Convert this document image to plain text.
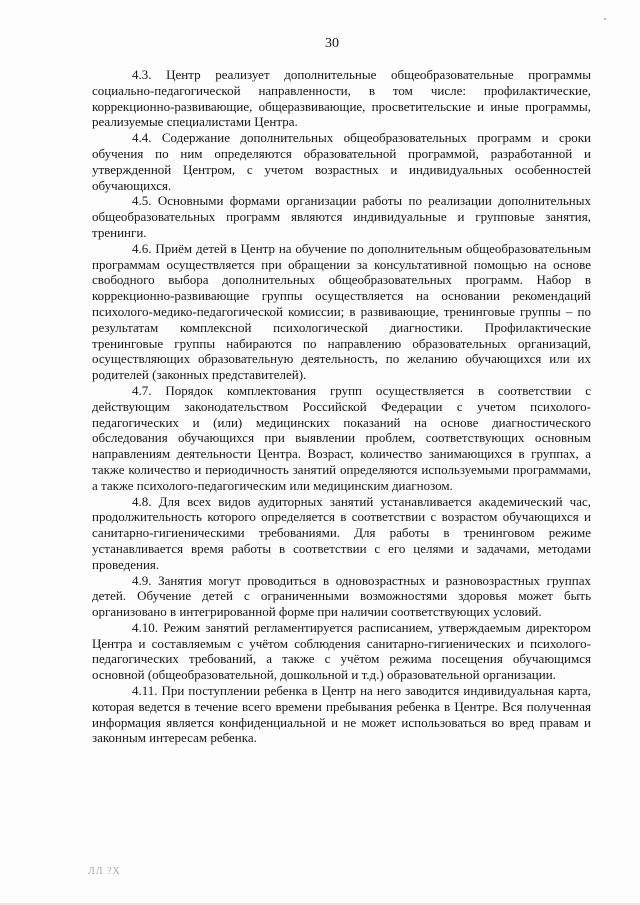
30

4.3. Центр реализует дополнительные общеобразовательные программы социально-педагогической направленности, в том числе: профилактические, коррекционно-развивающие, общеразвивающие, просветительские и иные программы, реализуемые специалистами Центра.

4.4. Содержание дополнительных общеобразовательных программ и сроки обучения по ним определяются образовательной программой, разработанной и утвержденной Центром, с учетом возрастных и индивидуальных особенностей обучающихся.

4.5. Основными формами организации работы по реализации дополнительных общеобразовательных программ являются индивидуальные и групповые занятия, тренинги.

4.6. Приём детей в Центр на обучение по дополнительным общеобразовательным программам осуществляется при обращении за консультативной помощью на основе свободного выбора дополнительных общеобразовательных программ. Набор в коррекционно-развивающие группы осуществляется на основании рекомендаций психолого-медико-педагогической комиссии; в развивающие, тренинговые группы – по результатам комплексной психологической диагностики. Профилактические тренинговые группы набираются по направлению образовательных организаций, осуществляющих образовательную деятельность, по желанию обучающихся или их родителей (законных представителей).

4.7. Порядок комплектования групп осуществляется в соответствии с действующим законодательством Российской Федерации с учетом психолого-педагогических и (или) медицинских показаний на основе диагностического обследования обучающихся при выявлении проблем, соответствующих основным направлениям деятельности Центра. Возраст, количество занимающихся в группах, а также количество и периодичность занятий определяются используемыми программами, а также психолого-педагогическим или медицинским диагнозом.

4.8. Для всех видов аудиторных занятий устанавливается академический час, продолжительность которого определяется в соответствии с возрастом обучающихся и санитарно-гигиеническими требованиями. Для работы в тренинговом режиме устанавливается время работы в соответствии с его целями и задачами, методами проведения.

4.9. Занятия могут проводиться в одновозрастных и разновозрастных группах детей. Обучение детей с ограниченными возможностями здоровья может быть организовано в интегрированной форме при наличии соответствующих условий.

4.10. Режим занятий регламентируется расписанием, утверждаемым директором Центра и составляемым с учётом соблюдения санитарно-гигиенических и психолого-педагогических требований, а также с учётом режима посещения обучающимся основной (общеобразовательной, дошкольной и т.д.) образовательной организации.

4.11. При поступлении ребенка в Центр на него заводится индивидуальная карта, которая ведется в течение всего времени пребывания ребенка в Центре. Вся полученная информация является конфиденциальной и не может использоваться во вред правам и законным интересам ребенка.

ЛЛ ?Х
